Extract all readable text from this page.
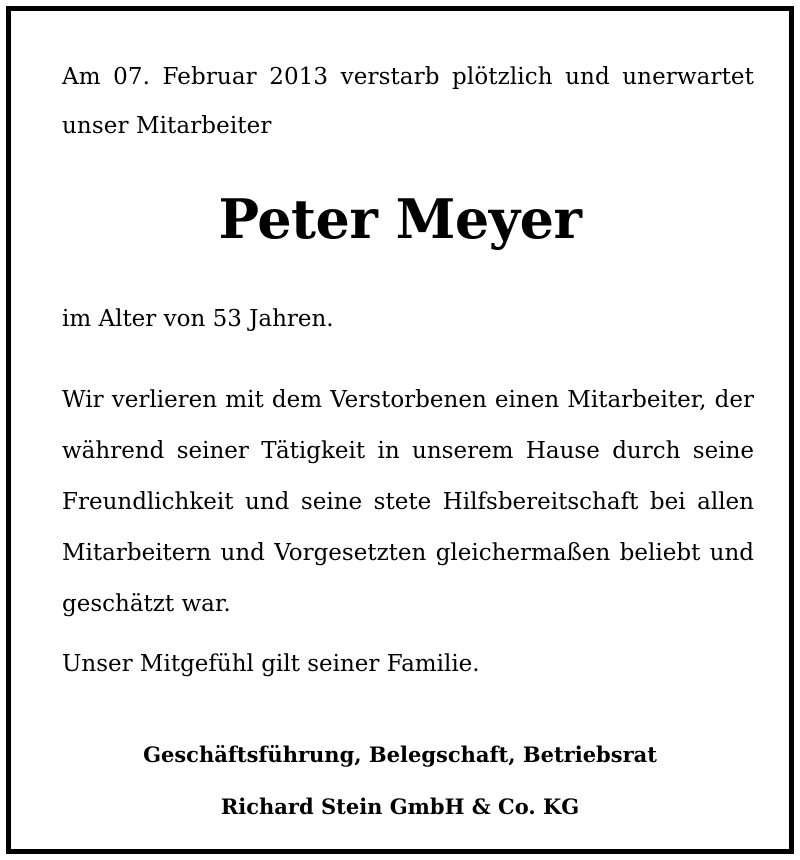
Am 07. Februar 2013 verstarb plötzlich und unerwartet unser Mitarbeiter

Peter Meyer

im Alter von 53 Jahren.

Wir verlieren mit dem Verstorbenen einen Mitarbeiter, der während seiner Tätigkeit in unserem Hause durch seine Freundlichkeit und seine stete Hilfsbereitschaft bei allen Mitarbeitern und Vorgesetzten gleichermaßen beliebt und geschätzt war.

Unser Mitgefühl gilt seiner Familie.

Geschäftsführung, Belegschaft, Betriebsrat

Richard Stein GmbH & Co. KG
